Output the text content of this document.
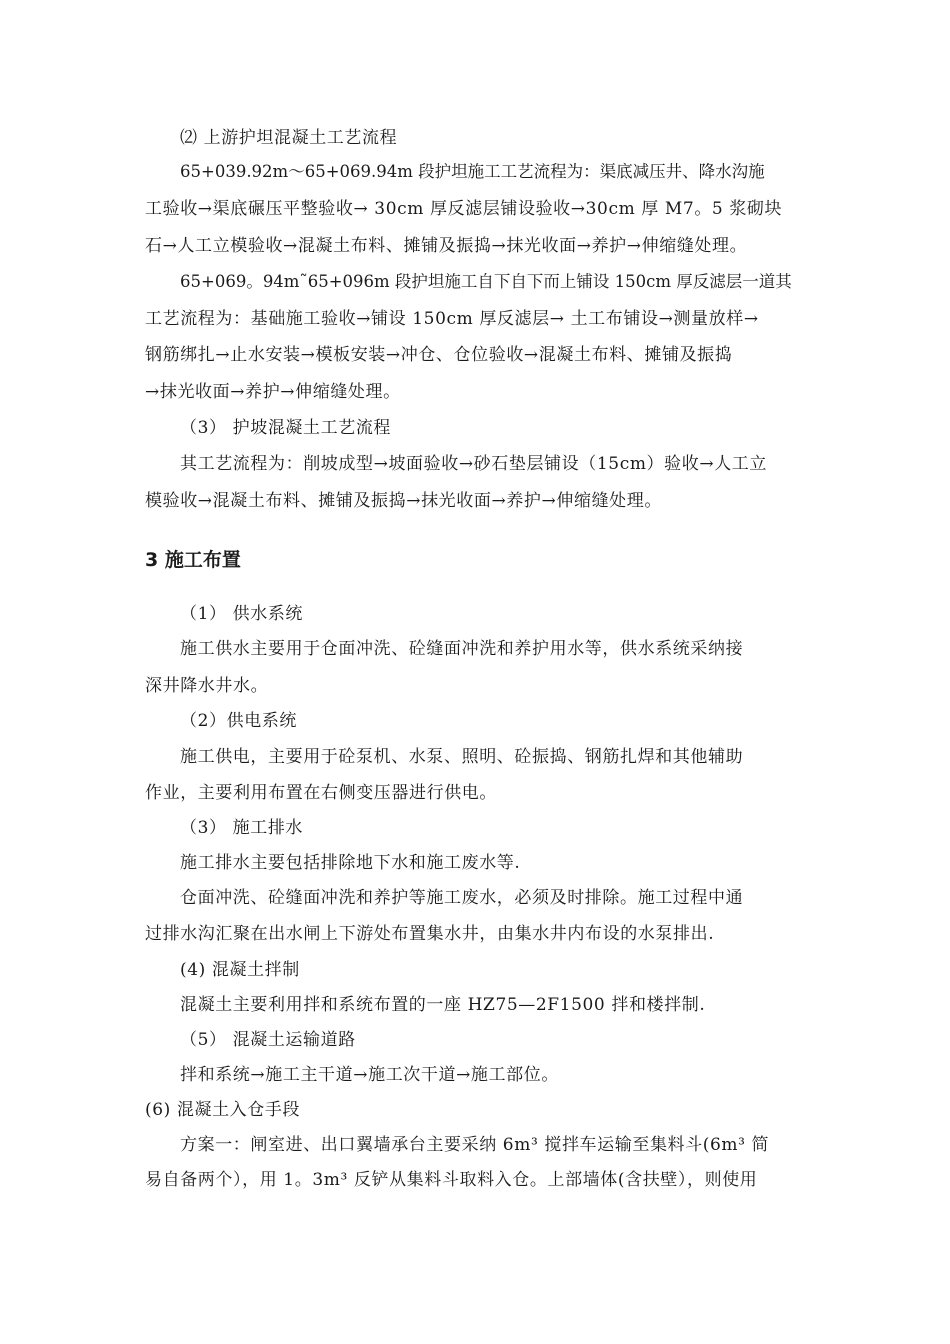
⑵ 上游护坦混凝土工艺流程
65+039.92m～65+069.94m 段护坦施工工艺流程为：渠底减压井、降水沟施
工验收→渠底碾压平整验收→ 30cm 厚反滤层铺设验收→30cm 厚 M7。5 浆砌块
石→人工立模验收→混凝土布料、摊铺及振捣→抹光收面→养护→伸缩缝处理。
65+069。94m˜65+096m 段护坦施工自下自下而上铺设 150cm 厚反滤层一道其
工艺流程为：基础施工验收→铺设 150cm 厚反滤层→ 土工布铺设→测量放样→
钢筋绑扎→止水安装→模板安装→冲仓、仓位验收→混凝土布料、摊铺及振捣
→抹光收面→养护→伸缩缝处理。
（3） 护坡混凝土工艺流程
其工艺流程为：削坡成型→坡面验收→砂石垫层铺设（15cm）验收→人工立
模验收→混凝土布料、摊铺及振捣→抹光收面→养护→伸缩缝处理。
3 施工布置
（1） 供水系统
施工供水主要用于仓面冲洗、砼缝面冲洗和养护用水等，供水系统采纳接
深井降水井水。
（2）供电系统
施工供电，主要用于砼泵机、水泵、照明、砼振捣、钢筋扎焊和其他辅助
作业，主要利用布置在右侧变压器进行供电。
（3） 施工排水
施工排水主要包括排除地下水和施工废水等.
仓面冲洗、砼缝面冲洗和养护等施工废水，必须及时排除。施工过程中通
过排水沟汇聚在出水闸上下游处布置集水井，由集水井内布设的水泵排出.
(4) 混凝土拌制
混凝土主要利用拌和系统布置的一座 HZ75—2F1500 拌和楼拌制.
（5） 混凝土运输道路
拌和系统→施工主干道→施工次干道→施工部位。
(6) 混凝土入仓手段
方案一：闸室进、出口翼墙承台主要采纳 6m³ 搅拌车运输至集料斗(6m³ 简
易自备两个），用 1。3m³ 反铲从集料斗取料入仓。上部墙体(含扶壁），则使用
